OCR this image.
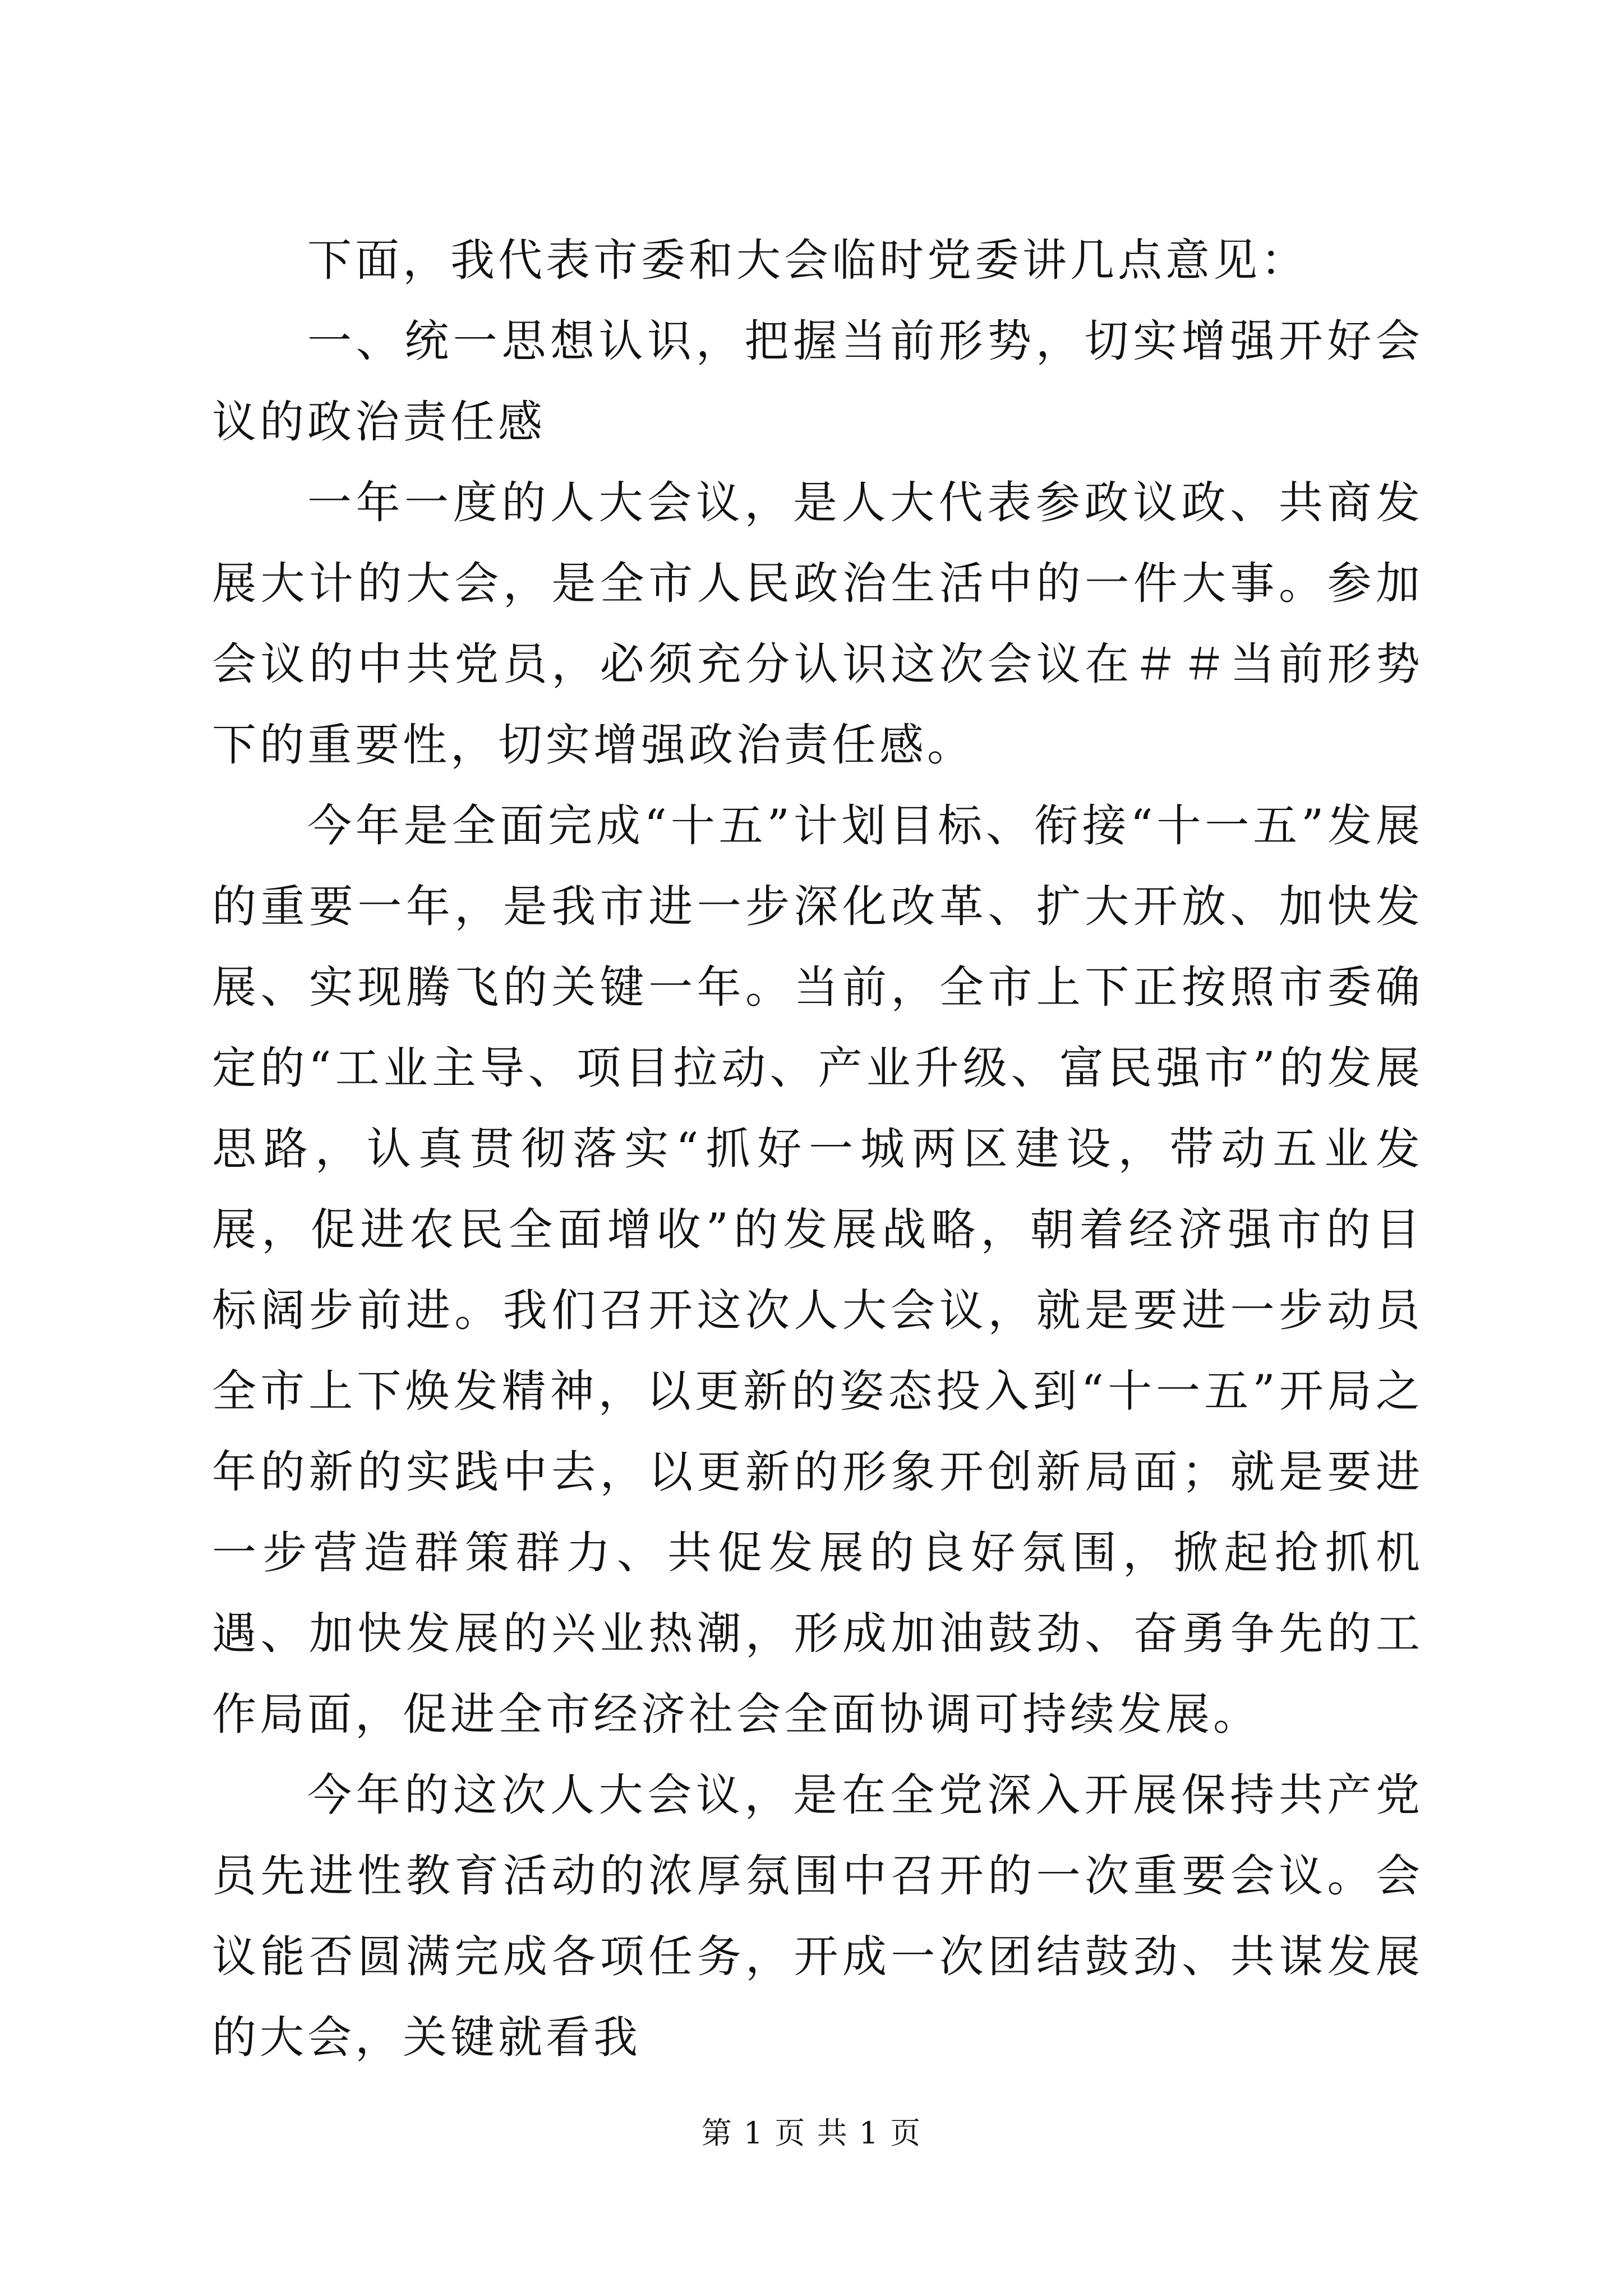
下面，我代表市委和大会临时党委讲几点意见：

一、统一思想认识，把握当前形势，切实增强开好会议的政治责任感

一年一度的人大会议，是人大代表参政议政、共商发展大计的大会，是全市人民政治生活中的一件大事。参加会议的中共党员，必须充分认识这次会议在＃＃当前形势下的重要性，切实增强政治责任感。

今年是全面完成“十五”计划目标、衔接“十一五”发展的重要一年，是我市进一步深化改革、扩大开放、加快发展、实现腾飞的关键一年。当前，全市上下正按照市委确定的“工业主导、项目拉动、产业升级、富民强市”的发展思路，认真贯彻落实“抓好一城两区建设，带动五业发展，促进农民全面增收”的发展战略，朝着经济强市的目标阔步前进。我们召开这次人大会议，就是要进一步动员全市上下焕发精神，以更新的姿态投入到“十一五”开局之年的新的实践中去，以更新的形象开创新局面；就是要进一步营造群策群力、共促发展的良好氛围，掀起抢抓机遇、加快发展的兴业热潮，形成加油鼓劲、奋勇争先的工作局面，促进全市经济社会全面协调可持续发展。

今年的这次人大会议，是在全党深入开展保持共产党员先进性教育活动的浓厚氛围中召开的一次重要会议。会议能否圆满完成各项任务，开成一次团结鼓劲、共谋发展的大会，关键就看我

第 1 页 共 1 页
